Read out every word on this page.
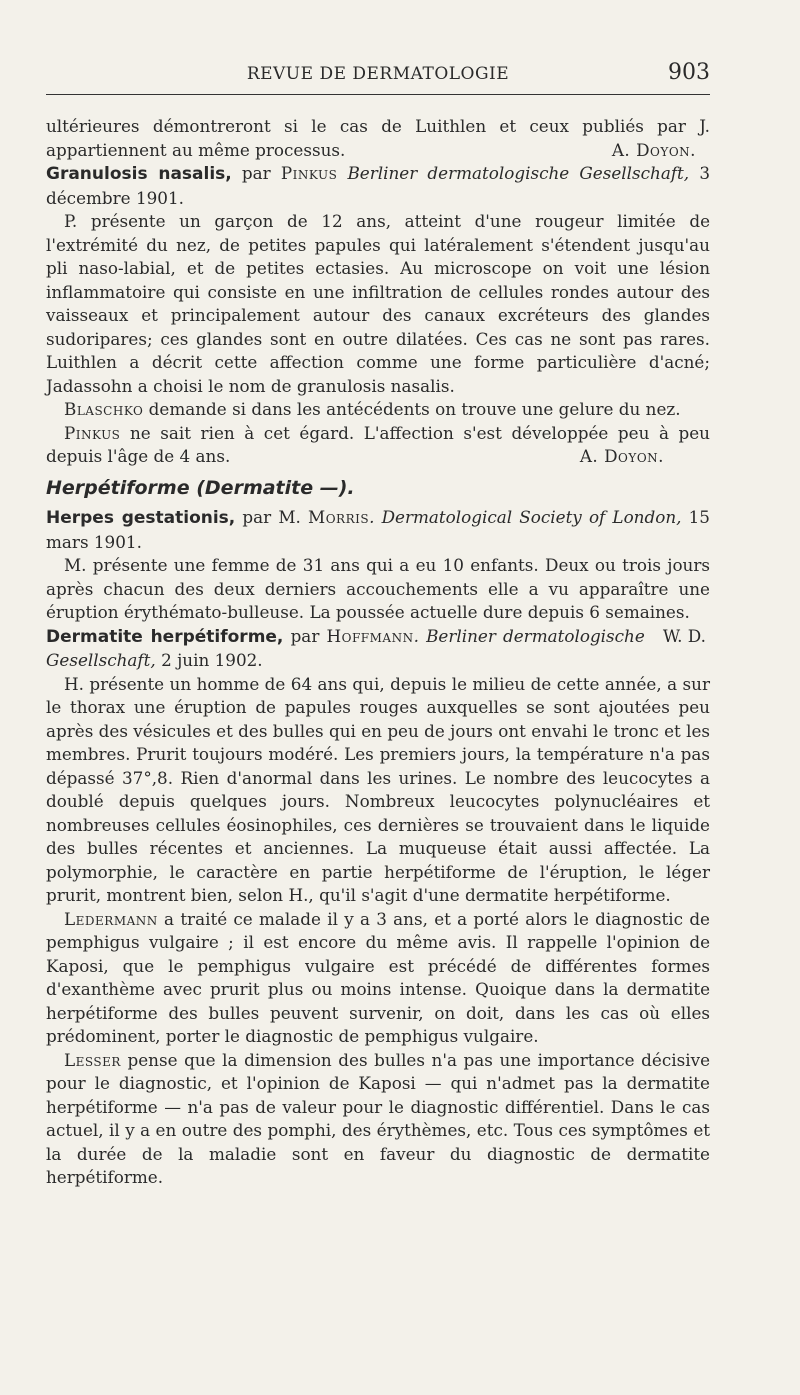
REVUE DE DERMATOLOGIE	903

ultérieures démontreront si le cas de Luithlen et ceux publiés par J. appartiennent au même processus.	A. Doyon.

Granulosis nasalis, par Pinkus Berliner dermatologische Gesellschaft, 3 décembre 1901.

P. présente un garçon de 12 ans, atteint d'une rougeur limitée de l'extrémité du nez, de petites papules qui latéralement s'étendent jusqu'au pli naso-labial, et de petites ectasies. Au microscope on voit une lésion inflammatoire qui consiste en une infiltration de cellules rondes autour des vaisseaux et principalement autour des canaux excréteurs des glandes sudoripares; ces glandes sont en outre dilatées. Ces cas ne sont pas rares. Luithlen a décrit cette affection comme une forme particulière d'acné; Jadassohn a choisi le nom de granulosis nasalis.

Blaschko demande si dans les antécédents on trouve une gelure du nez.

Pinkus ne sait rien à cet égard. L'affection s'est développée peu à peu depuis l'âge de 4 ans.	A. Doyon.

Herpétiforme (Dermatite —).

Herpes gestationis, par M. Morris. Dermatological Society of London, 15 mars 1901.

M. présente une femme de 31 ans qui a eu 10 enfants. Deux ou trois jours après chacun des deux derniers accouchements elle a vu apparaître une éruption érythémato-bulleuse. La poussée actuelle dure depuis 6 semaines.
W. D.

Dermatite herpétiforme, par Hoffmann. Berliner dermatologische Gesellschaft, 2 juin 1902.

H. présente un homme de 64 ans qui, depuis le milieu de cette année, a sur le thorax une éruption de papules rouges auxquelles se sont ajoutées peu après des vésicules et des bulles qui en peu de jours ont envahi le tronc et les membres. Prurit toujours modéré. Les premiers jours, la température n'a pas dépassé 37°,8. Rien d'anormal dans les urines. Le nombre des leucocytes a doublé depuis quelques jours. Nombreux leucocytes polynucléaires et nombreuses cellules éosinophiles, ces dernières se trouvaient dans le liquide des bulles récentes et anciennes. La muqueuse était aussi affectée. La polymorphie, le caractère en partie herpétiforme de l'éruption, le léger prurit, montrent bien, selon H., qu'il s'agit d'une dermatite herpétiforme.

Ledermann a traité ce malade il y a 3 ans, et a porté alors le diagnostic de pemphigus vulgaire ; il est encore du même avis. Il rappelle l'opinion de Kaposi, que le pemphigus vulgaire est précédé de différentes formes d'exanthème avec prurit plus ou moins intense. Quoique dans la dermatite herpétiforme des bulles peuvent survenir, on doit, dans les cas où elles prédominent, porter le diagnostic de pemphigus vulgaire.

Lesser pense que la dimension des bulles n'a pas une importance décisive pour le diagnostic, et l'opinion de Kaposi — qui n'admet pas la dermatite herpétiforme — n'a pas de valeur pour le diagnostic différentiel. Dans le cas actuel, il y a en outre des pomphi, des érythèmes, etc. Tous ces symptômes et la durée de la maladie sont en faveur du diagnostic de dermatite herpétiforme.
